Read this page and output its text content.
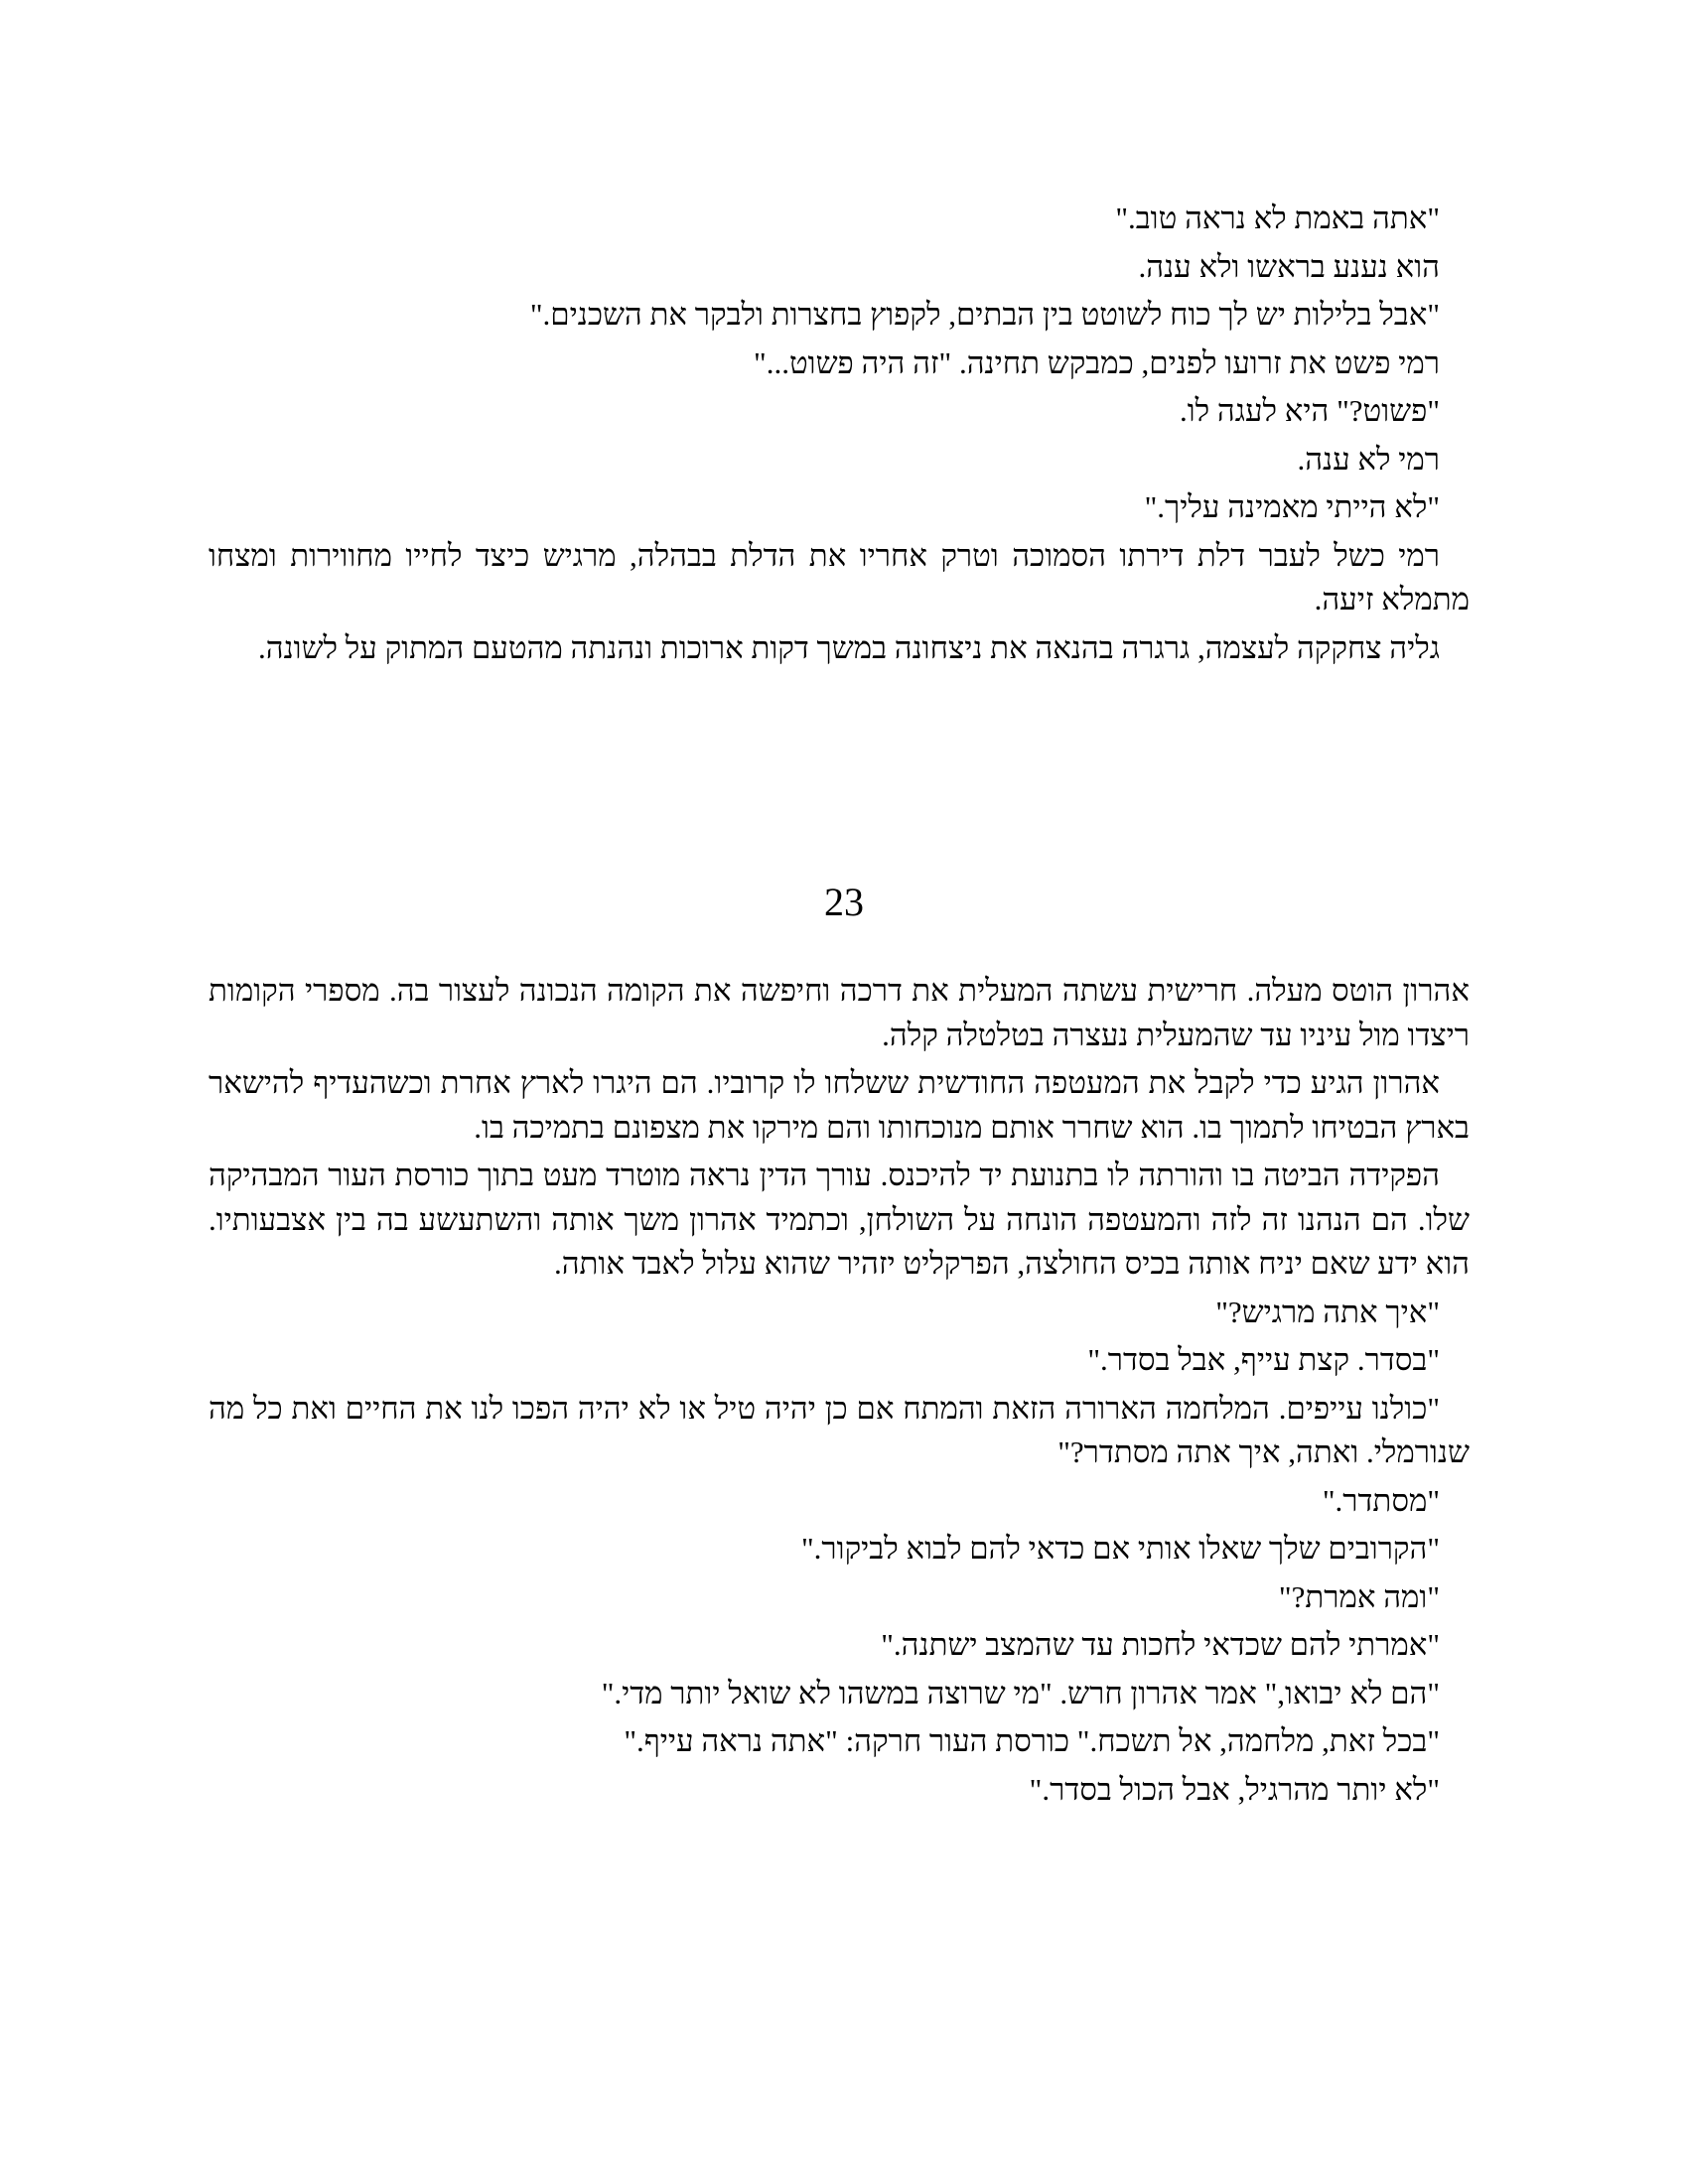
"אתה באמת לא נראה טוב."

הוא נענע בראשו ולא ענה.

"אבל בלילות יש לך כוח לשוטט בין הבתים, לקפוץ בחצרות ולבקר את השכנים."

רמי פשט את זרועו לפנים, כמבקש תחינה. "זה היה פשוט..."

"פשוט?" היא לעגה לו.

רמי לא ענה.

"לא הייתי מאמינה עליך."

רמי כשל לעבר דלת דירתו הסמוכה וטרק אחריו את הדלת בבהלה, מרגיש כיצד לחייו מחווירות ומצחו מתמלא זיעה.

גליה צחקקה לעצמה, גרגרה בהנאה את ניצחונה במשך דקות ארוכות ונהנתה מהטעם המתוק על לשונה.

23

אהרון הוטס מעלה. חרישית עשתה המעלית את דרכה וחיפשה את הקומה הנכונה לעצור בה. מספרי הקומות ריצדו מול עיניו עד שהמעלית נעצרה בטלטלה קלה.

אהרון הגיע כדי לקבל את המעטפה החודשית ששלחו לו קרוביו. הם היגרו לארץ אחרת וכשהעדיף להישאר בארץ הבטיחו לתמוך בו. הוא שחרר אותם מנוכחותו והם מירקו את מצפונם בתמיכה בו.

הפקידה הביטה בו והורתה לו בתנועת יד להיכנס. עורך הדין נראה מוטרד מעט בתוך כורסת העור המבהיקה שלו. הם הנהנו זה לזה והמעטפה הונחה על השולחן, וכתמיד אהרון משך אותה והשתעשע בה בין אצבעותיו. הוא ידע שאם יניח אותה בכיס החולצה, הפרקליט יזהיר שהוא עלול לאבד אותה.

"איך אתה מרגיש?"

"בסדר. קצת עייף, אבל בסדר."

"כולנו עייפים. המלחמה הארורה הזאת והמתח אם כן יהיה טיל או לא יהיה הפכו לנו את החיים ואת כל מה שנורמלי. ואתה, איך אתה מסתדר?"

"מסתדר."

"הקרובים שלך שאלו אותי אם כדאי להם לבוא לביקור."

"ומה אמרת?"

"אמרתי להם שכדאי לחכות עד שהמצב ישתנה."

"הם לא יבואו," אמר אהרון חרש. "מי שרוצה במשהו לא שואל יותר מדי."

"בכל זאת, מלחמה, אל תשכח." כורסת העור חרקה: "אתה נראה עייף."

"לא יותר מהרגיל, אבל הכול בסדר."
